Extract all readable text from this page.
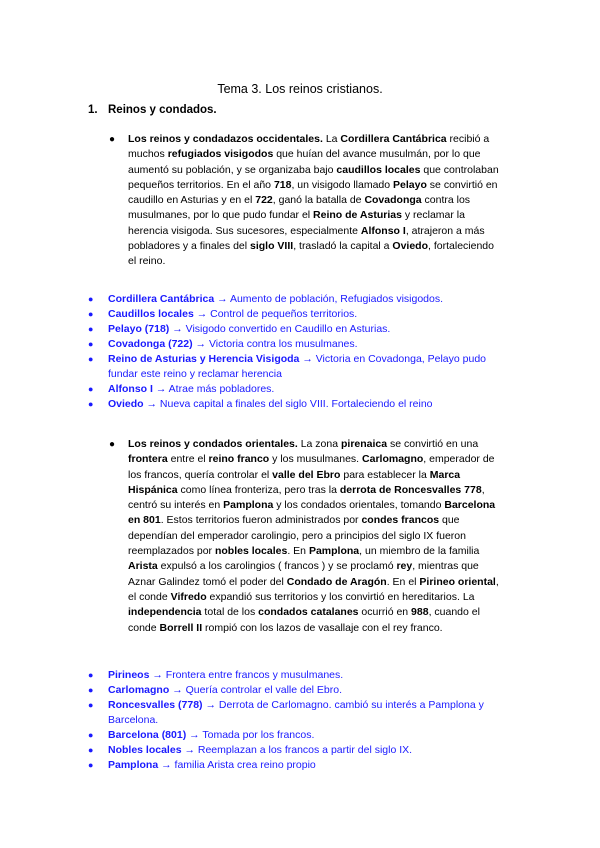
Tema 3. Los reinos cristianos.
1. Reinos y condados.
● Los reinos y condadazos occidentales. La Cordillera Cantábrica recibió a muchos refugiados visigodos que huían del avance musulmán, por lo que aumentó su población, y se organizaba bajo caudillos locales que controlaban pequeños territorios. En el año 718, un visigodo llamado Pelayo se convirtió en caudillo en Asturias y en el 722, ganó la batalla de Covadonga contra los musulmanes, por lo que pudo fundar el Reino de Asturias y reclamar la herencia visigoda. Sus sucesores, especialmente Alfonso I, atrajeron a más pobladores y a finales del siglo VIII, trasladó la capital a Oviedo, fortaleciendo el reino.

● Cordillera Cantábrica → Aumento de población, Refugiados visigodos.
● Caudillos locales → Control de pequeños territorios.
● Pelayo (718) → Visigodo convertido en Caudillo en Asturias.
● Covadonga (722) → Victoria contra los musulmanes.
● Reino de Asturias y Herencia Visigoda → Victoria en Covadonga, Pelayo pudo fundar este reino y reclamar herencia
● Alfonso I → Atrae más pobladores.
● Oviedo → Nueva capital a finales del siglo VIII. Fortaleciendo el reino
● Los reinos y condados orientales. La zona pirenaica se convirtió en una frontera entre el reino franco y los musulmanes. Carlomagno, emperador de los francos, quería controlar el valle del Ebro para establecer la Marca Hispánica como línea fronteriza, pero tras la derrota de Roncesvalles 778, centró su interés en Pamplona y los condados orientales, tomando Barcelona en 801. Estos territorios fueron administrados por condes francos que dependían del emperador carolingio, pero a principios del siglo IX fueron reemplazados por nobles locales. En Pamplona, un miembro de la familia Arista expulsó a los carolingios ( francos ) y se proclamó rey, mientras que Aznar Galindez tomó el poder del Condado de Aragón. En el Pirineo oriental, el conde Vifredo expandió sus territorios y los convirtió en hereditarios. La independencia total de los condados catalanes ocurrió en 988, cuando el conde Borrell II rompió con los lazos de vasallaje con el rey franco.

● Pirineos → Frontera entre francos y musulmanes.
● Carlomagno → Quería controlar el valle del Ebro.
● Roncesvalles (778) → Derrota de Carlomagno. cambió su interés a Pamplona y Barcelona.
● Barcelona (801) → Tomada por los francos.
● Nobles locales → Reemplazan a los francos a partir del siglo IX.
● Pamplona → familia Arista crea reino propio
